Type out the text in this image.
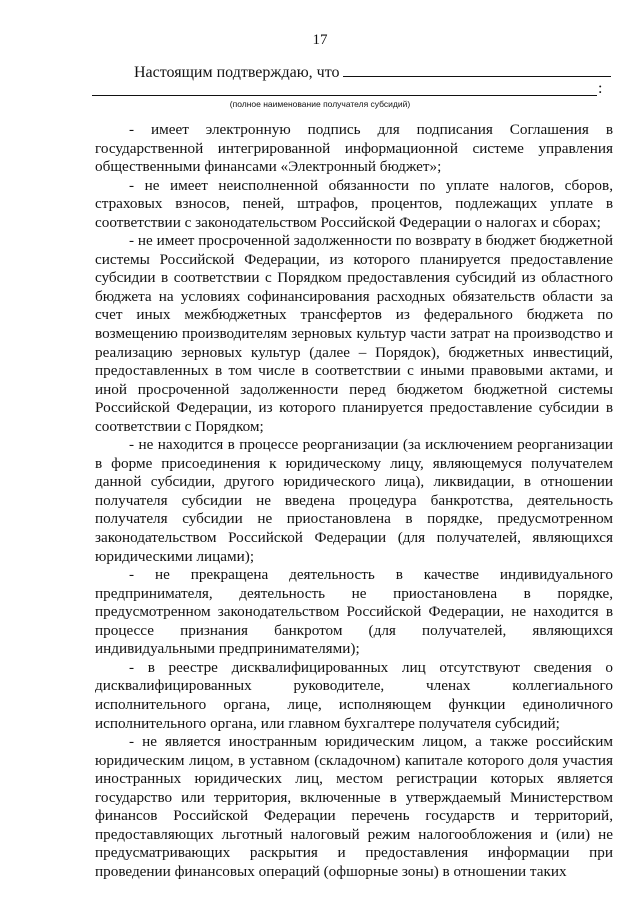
17
Настоящим подтверждаю, что
:
(полное наименование получателя субсидий)

- имеет электронную подпись для подписания Соглашения в государственной интегрированной информационной системе управления общественными финансами «Электронный бюджет»;

- не имеет неисполненной обязанности по уплате налогов, сборов, страховых взносов, пеней, штрафов, процентов, подлежащих уплате в соответствии с законодательством Российской Федерации о налогах и сборах;

- не имеет просроченной задолженности по возврату в бюджет бюджетной системы Российской Федерации, из которого планируется предоставление субсидии в соответствии с Порядком предоставления субсидий из областного бюджета на условиях софинансирования расходных обязательств области за счет иных межбюджетных трансфертов из федерального бюджета по возмещению производителям зерновых культур части затрат на производство и реализацию зерновых культур (далее – Порядок), бюджетных инвестиций, предоставленных в том числе в соответствии с иными правовыми актами, и иной просроченной задолженности перед бюджетом бюджетной системы Российской Федерации, из которого планируется предоставление субсидии в соответствии с Порядком;

- не находится в процессе реорганизации (за исключением реорганизации в форме присоединения к юридическому лицу, являющемуся получателем данной субсидии, другого юридического лица), ликвидации, в отношении получателя субсидии не введена процедура банкротства, деятельность получателя субсидии не приостановлена в порядке, предусмотренном законодательством Российской Федерации (для получателей, являющихся юридическими лицами);

- не прекращена деятельность в качестве индивидуального предпринимателя, деятельность не приостановлена в порядке, предусмотренном законодательством Российской Федерации, не находится в процессе признания банкротом (для получателей, являющихся индивидуальными предпринимателями);

- в реестре дисквалифицированных лиц отсутствуют сведения о дисквалифицированных руководителе, членах коллегиального исполнительного органа, лице, исполняющем функции единоличного исполнительного органа, или главном бухгалтере получателя субсидий;

- не является иностранным юридическим лицом, а также российским юридическим лицом, в уставном (складочном) капитале которого доля участия иностранных юридических лиц, местом регистрации которых является государство или территория, включенные в утверждаемый Министерством финансов Российской Федерации перечень государств и территорий, предоставляющих льготный налоговый режим налогообложения и (или) не предусматривающих раскрытия и предоставления информации при проведении финансовых операций (офшорные зоны) в отношении таких
